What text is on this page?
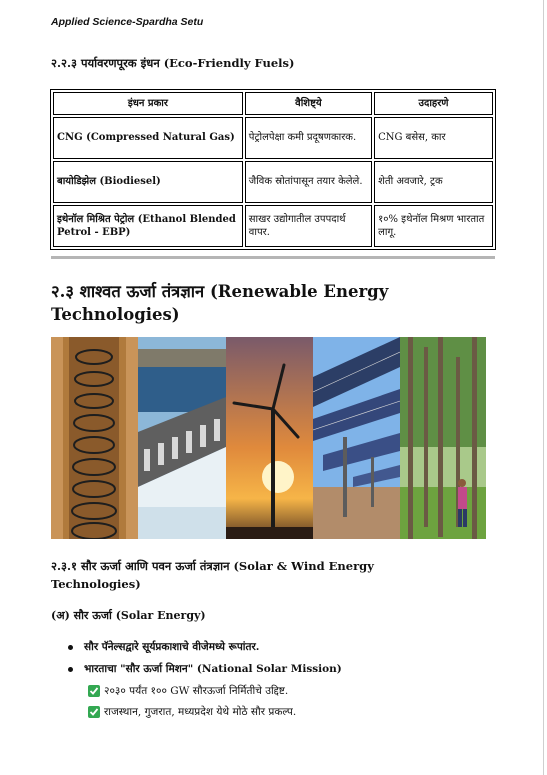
Applied Science-Spardha Setu
२.२.३ पर्यावरणपूरक इंधन (Eco-Friendly Fuels)
इंधन प्रकार	वैशिष्ट्ये	उदाहरणे
CNG (Compressed Natural Gas)	पेट्रोलपेक्षा कमी प्रदूषणकारक.	CNG बसेस, कार
बायोडिझेल (Biodiesel)	जैविक स्रोतांपासून तयार केलेले.	शेती अवजारे, ट्रक
इथेनॉल मिश्रित पेट्रोल (Ethanol Blended Petrol - EBP)	साखर उद्योगातील उपपदार्थ वापर.	१०% इथेनॉल मिश्रण भारतात लागू.
२.३ शाश्वत ऊर्जा तंत्रज्ञान (Renewable Energy Technologies)
२.३.१ सौर ऊर्जा आणि पवन ऊर्जा तंत्रज्ञान (Solar & Wind Energy Technologies)
(अ) सौर ऊर्जा (Solar Energy)
सौर पॅनेल्सद्वारे सूर्यप्रकाशाचे वीजेमध्ये रूपांतर.
भारताचा "सौर ऊर्जा मिशन" (National Solar Mission)
२०३० पर्यंत १०० GW सौरऊर्जा निर्मितीचे उद्दिष्ट.
राजस्थान, गुजरात, मध्यप्रदेश येथे मोठे सौर प्रकल्प.
